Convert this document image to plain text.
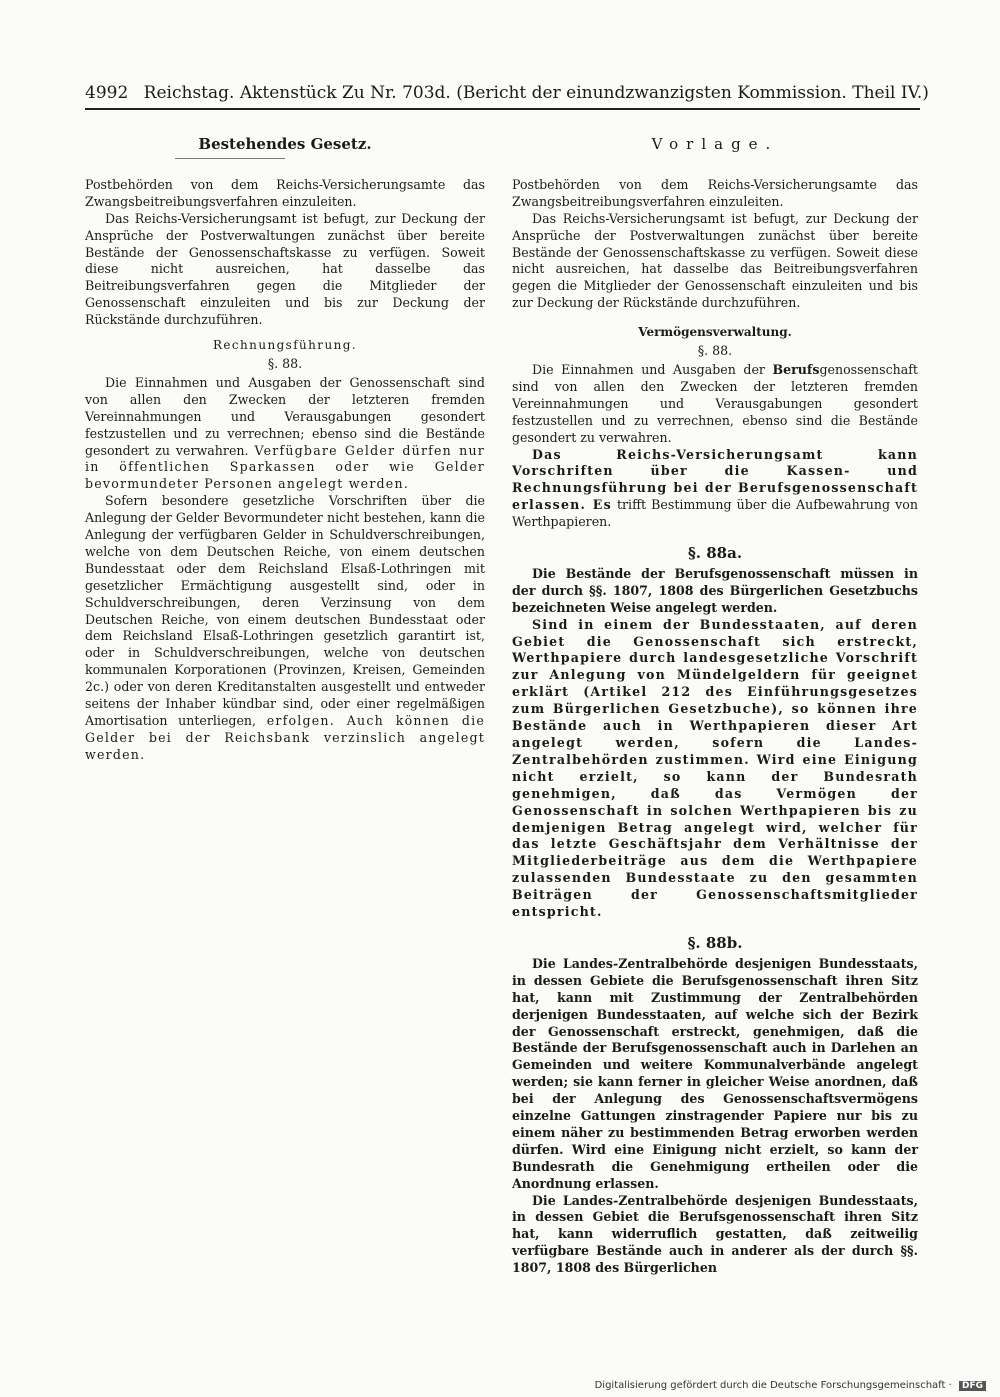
4992 Reichstag. Aktenstück Zu Nr. 703d. (Bericht der einundzwanzigsten Kommission. Theil IV.)
Bestehendes Gesetz.

Postbehörden von dem Reichs-Versicherungsamte das Zwangsbeitreibungsverfahren einzuleiten.

Das Reichs-Versicherungsamt ist befugt, zur Deckung der Ansprüche der Postverwaltungen zunächst über bereite Bestände der Genossenschaftskasse zu verfügen. Soweit diese nicht ausreichen, hat dasselbe das Beitreibungsverfahren gegen die Mitglieder der Genossenschaft einzuleiten und bis zur Deckung der Rückstände durchzuführen.

Rechnungsführung.
§. 88.

Die Einnahmen und Ausgaben der Genossenschaft sind von allen den Zwecken der letzteren fremden Vereinnahmungen und Verausgabungen gesondert festzustellen und zu verrechnen; ebenso sind die Bestände gesondert zu verwahren. Verfügbare Gelder dürfen nur in öffentlichen Sparkassen oder wie Gelder bevormundeter Personen angelegt werden.

Sofern besondere gesetzliche Vorschriften über die Anlegung der Gelder Bevormundeter nicht bestehen, kann die Anlegung der verfügbaren Gelder in Schuldverschreibungen, welche von dem Deutschen Reiche, von einem deutschen Bundesstaat oder dem Reichsland Elsaß-Lothringen mit gesetzlicher Ermächtigung ausgestellt sind, oder in Schuldverschreibungen, deren Verzinsung von dem Deutschen Reiche, von einem deutschen Bundesstaat oder dem Reichsland Elsaß-Lothringen gesetzlich garantirt ist, oder in Schuldverschreibungen, welche von deutschen kommunalen Korporationen (Provinzen, Kreisen, Gemeinden 2c.) oder von deren Kreditanstalten ausgestellt und entweder seitens der Inhaber kündbar sind, oder einer regelmäßigen Amortisation unterliegen, erfolgen. Auch können die Gelder bei der Reichsbank verzinslich angelegt werden.

Vorlage.

Postbehörden von dem Reichs-Versicherungsamte das Zwangsbeitreibungsverfahren einzuleiten.

Das Reichs-Versicherungsamt ist befugt, zur Deckung der Ansprüche der Postverwaltungen zunächst über bereite Bestände der Genossenschaftskasse zu verfügen. Soweit diese nicht ausreichen, hat dasselbe das Beitreibungsverfahren gegen die Mitglieder der Genossenschaft einzuleiten und bis zur Deckung der Rückstände durchzuführen.

Vermögensverwaltung.
§. 88.

Die Einnahmen und Ausgaben der Berufsgenossenschaft sind von allen den Zwecken der letzteren fremden Vereinnahmungen und Verausgabungen gesondert festzustellen und zu verrechnen, ebenso sind die Bestände gesondert zu verwahren.

Das Reichs-Versicherungsamt kann Vorschriften über die Kassen- und Rechnungsführung bei der Berufsgenossenschaft erlassen. Es trifft Bestimmung über die Aufbewahrung von Werthpapieren.

§. 88a.

Die Bestände der Berufsgenossenschaft müssen in der durch §§. 1807, 1808 des Bürgerlichen Gesetzbuchs bezeichneten Weise angelegt werden.

Sind in einem der Bundesstaaten, auf deren Gebiet die Genossenschaft sich erstreckt, Werthpapiere durch landesgesetzliche Vorschrift zur Anlegung von Mündelgeldern für geeignet erklärt (Artikel 212 des Einführungsgesetzes zum Bürgerlichen Gesetzbuche), so können ihre Bestände auch in Werthpapieren dieser Art angelegt werden, sofern die Landes-Zentralbehörden zustimmen. Wird eine Einigung nicht erzielt, so kann der Bundesrath genehmigen, daß das Vermögen der Genossenschaft in solchen Werthpapieren bis zu demjenigen Betrag angelegt wird, welcher für das letzte Geschäftsjahr dem Verhältnisse der Mitgliederbeiträge aus dem die Werthpapiere zulassenden Bundesstaate zu den gesammten Beiträgen der Genossenschaftsmitglieder entspricht.

§. 88b.

Die Landes-Zentralbehörde desjenigen Bundesstaats, in dessen Gebiete die Berufsgenossenschaft ihren Sitz hat, kann mit Zustimmung der Zentralbehörden derjenigen Bundesstaaten, auf welche sich der Bezirk der Genossenschaft erstreckt, genehmigen, daß die Bestände der Berufsgenossenschaft auch in Darlehen an Gemeinden und weitere Kommunalverbände angelegt werden; sie kann ferner in gleicher Weise anordnen, daß bei der Anlegung des Genossenschaftsvermögens einzelne Gattungen zinstragender Papiere nur bis zu einem näher zu bestimmenden Betrag erworben werden dürfen. Wird eine Einigung nicht erzielt, so kann der Bundesrath die Genehmigung ertheilen oder die Anordnung erlassen.

Die Landes-Zentralbehörde desjenigen Bundesstaats, in dessen Gebiet die Berufsgenossenschaft ihren Sitz hat, kann widerruflich gestatten, daß zeitweilig verfügbare Bestände auch in anderer als der durch §§. 1807, 1808 des Bürgerlichen

Digitalisierung gefördert durch die Deutsche Forschungsgemeinschaft · DFG
